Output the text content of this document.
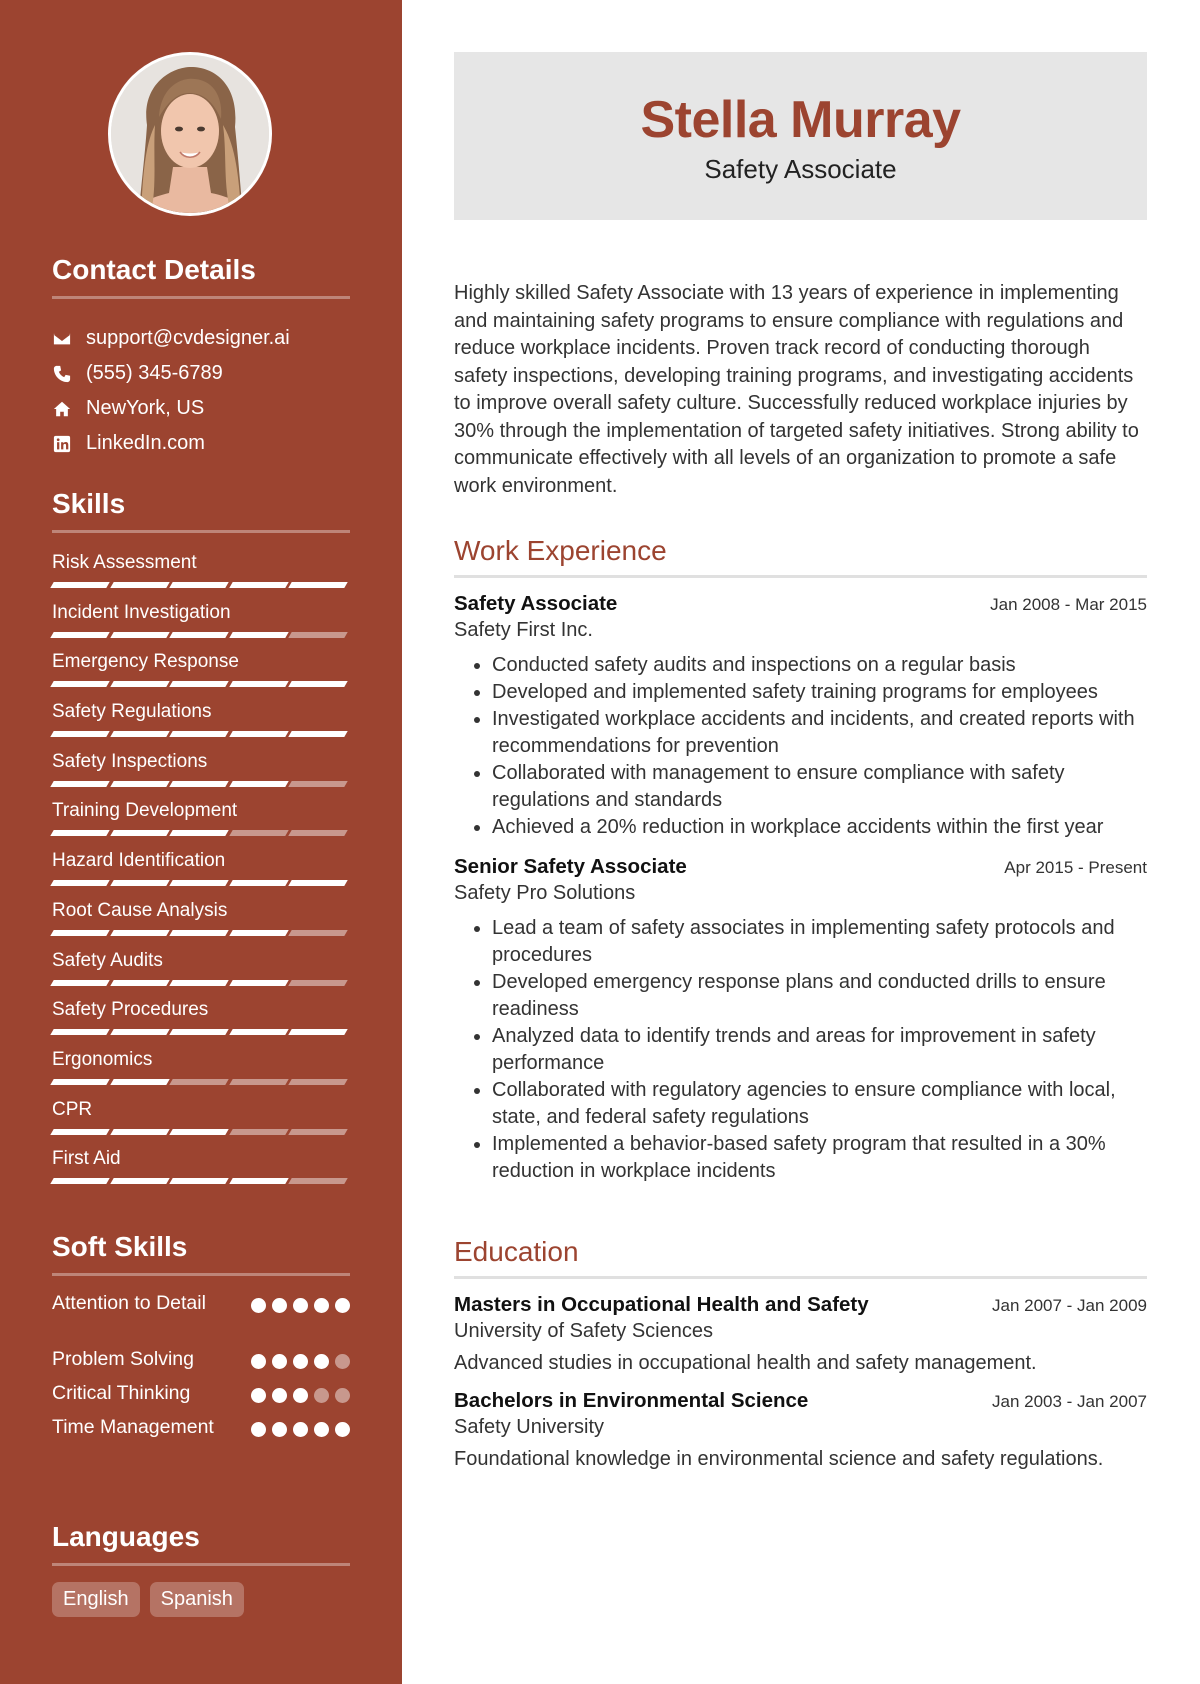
Contact Details
support@cvdesigner.ai
(555) 345-6789
NewYork, US
LinkedIn.com
Skills
Risk Assessment
Incident Investigation
Emergency Response
Safety Regulations
Safety Inspections
Training Development
Hazard Identification
Root Cause Analysis
Safety Audits
Safety Procedures
Ergonomics
CPR
First Aid
Soft Skills
Attention to Detail
Problem Solving
Critical Thinking
Time Management
Languages
English	Spanish
Stella Murray
Safety Associate

Highly skilled Safety Associate with 13 years of experience in implementing and maintaining safety programs to ensure compliance with regulations and reduce workplace incidents. Proven track record of conducting thorough safety inspections, developing training programs, and investigating accidents to improve overall safety culture. Successfully reduced workplace injuries by 30% through the implementation of targeted safety initiatives. Strong ability to communicate effectively with all levels of an organization to promote a safe work environment.

Work Experience
Safety Associate	Jan 2008 - Mar 2015
Safety First Inc.
• Conducted safety audits and inspections on a regular basis
• Developed and implemented safety training programs for employees
• Investigated workplace accidents and incidents, and created reports with recommendations for prevention
• Collaborated with management to ensure compliance with safety regulations and standards
• Achieved a 20% reduction in workplace accidents within the first year
Senior Safety Associate	Apr 2015 - Present
Safety Pro Solutions
• Lead a team of safety associates in implementing safety protocols and procedures
• Developed emergency response plans and conducted drills to ensure readiness
• Analyzed data to identify trends and areas for improvement in safety performance
• Collaborated with regulatory agencies to ensure compliance with local, state, and federal safety regulations
• Implemented a behavior-based safety program that resulted in a 30% reduction in workplace incidents
Education
Masters in Occupational Health and Safety	Jan 2007 - Jan 2009
University of Safety Sciences
Advanced studies in occupational health and safety management.
Bachelors in Environmental Science	Jan 2003 - Jan 2007
Safety University
Foundational knowledge in environmental science and safety regulations.
